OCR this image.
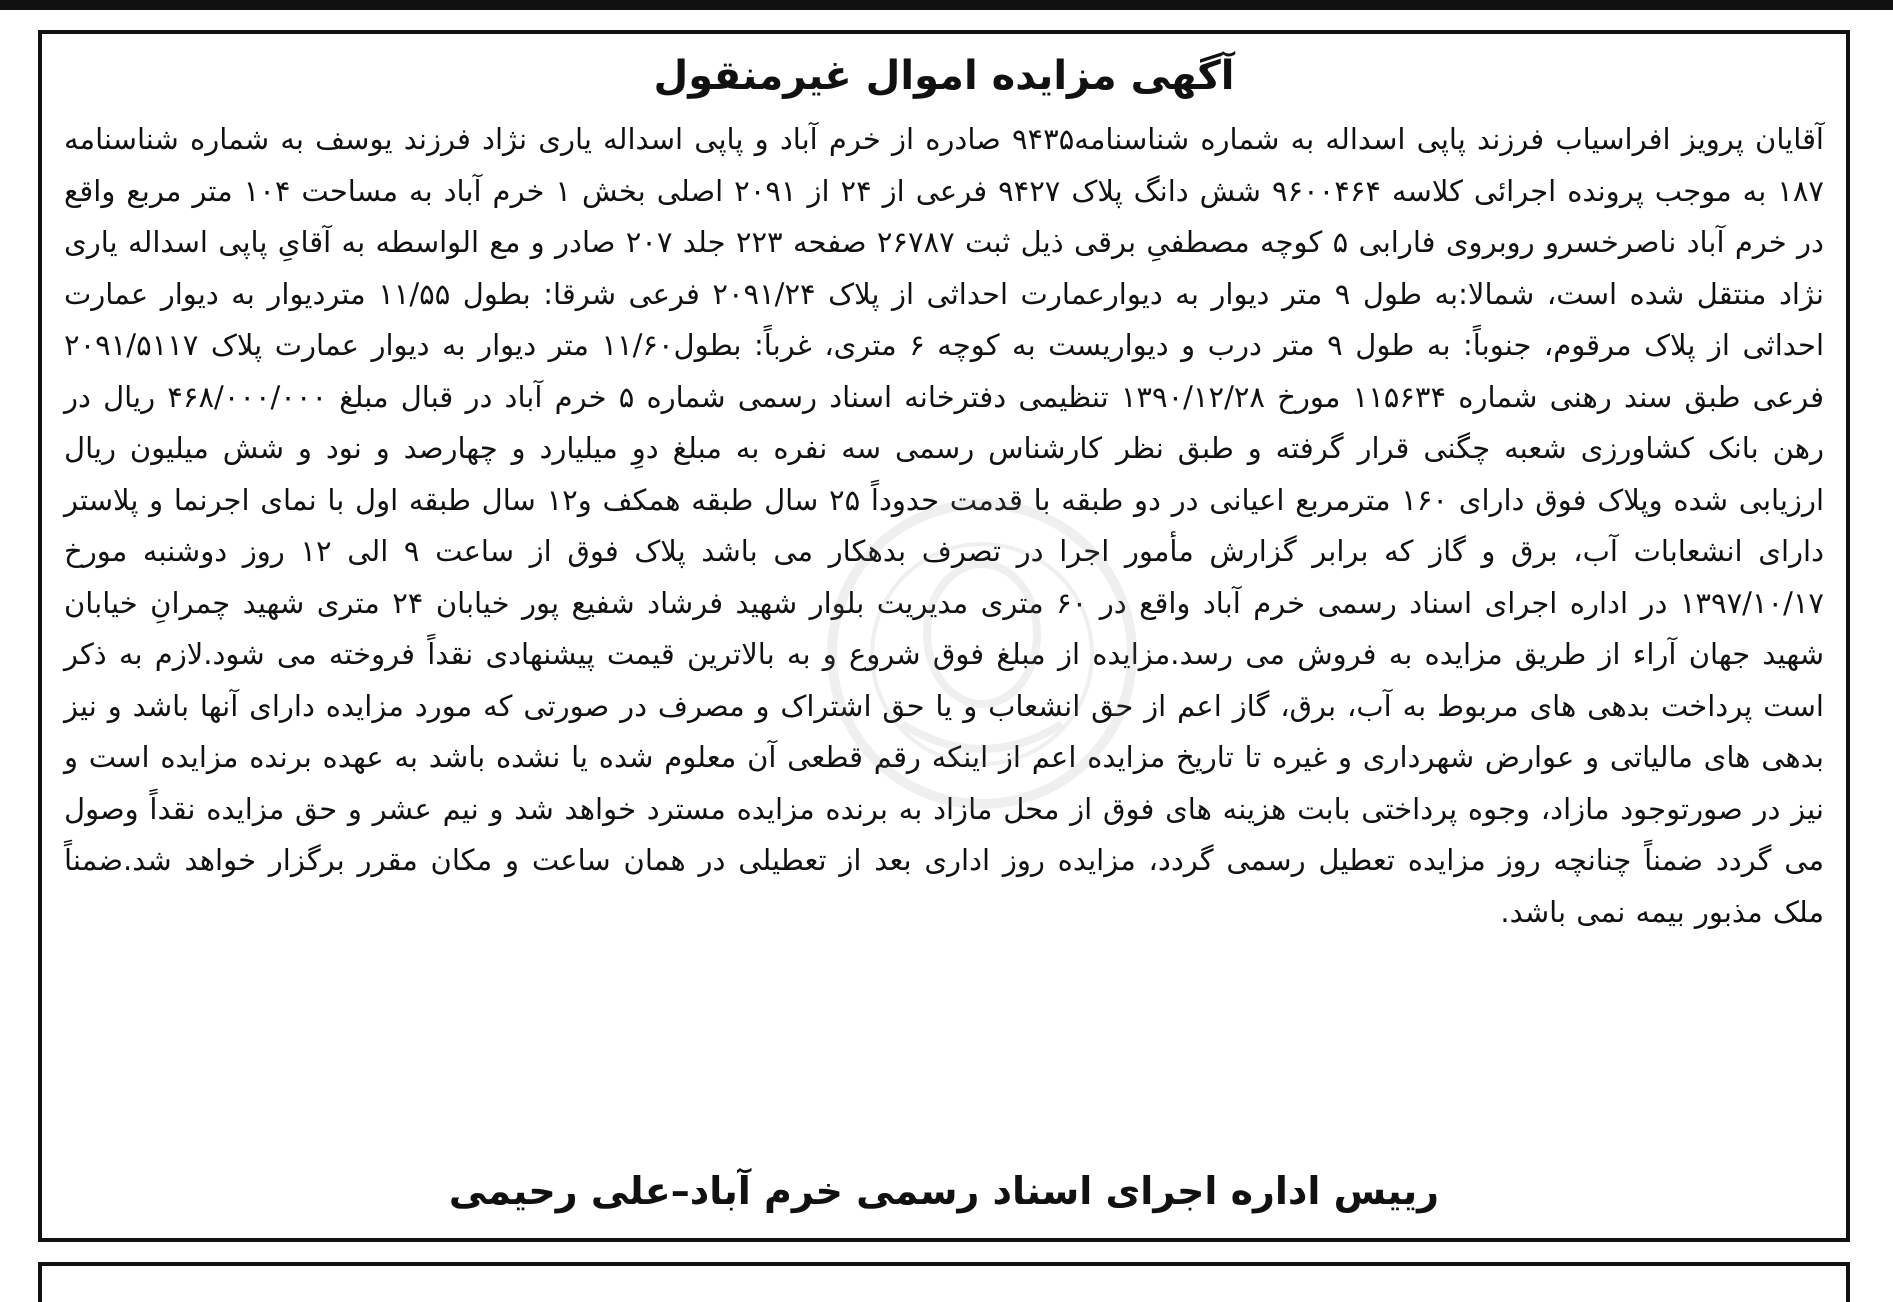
آگهی مزایده اموال غیرمنقول

آقایان پرویز افراسیاب فرزند پاپی اسداله به شماره شناسنامه۹۴۳۵ صادره از خرم آباد و پاپی اسداله یاری نژاد فرزند یوسف به شماره شناسنامه ۱۸۷ به موجب پرونده اجرائی کلاسه ۹۶۰۰۴۶۴ شش دانگ پلاک ۹۴۲۷ فرعی از ۲۴ از ۲۰۹۱ اصلی بخش ۱ خرم آباد به مساحت ۱۰۴ متر مربع واقع در خرم آباد ناصرخسرو روبروی فارابی ۵ کوچه مصطفیِ برقی ذیل ثبت ۲۶۷۸۷ صفحه ۲۲۳ جلد ۲۰۷ صادر و مع الواسطه به آقایِ پاپی اسداله یاری نژاد منتقل شده است، شمالا:به طول ۹ متر دیوار به دیوارعمارت احداثی از پلاک ۲۰۹۱/۲۴ فرعی شرقا: بطول ۱۱/۵۵ متردیوار به دیوار عمارت احداثی از پلاک مرقوم، جنوباً: به طول ۹ متر درب و دیواریست به کوچه ۶ متری، غرباً: بطول۱۱/۶۰ متر دیوار به دیوار عمارت پلاک ۲۰۹۱/۵۱۱۷ فرعی طبق سند رهنی شماره ۱۱۵۶۳۴ مورخ ۱۳۹۰/۱۲/۲۸ تنظیمی دفترخانه اسناد رسمی شماره ۵ خرم آباد در قبال مبلغ ۴۶۸/۰۰۰/۰۰۰ ریال در رهن بانک کشاورزی شعبه چگنی قرار گرفته و طبق نظر کارشناس رسمی سه نفره به مبلغ دوِ میلیارد و چهارصد و نود و شش میلیون ریال ارزیابی شده وپلاک فوق دارای ۱۶۰ مترمربع اعیانی در دو طبقه با قدمت حدوداً ۲۵ سال طبقه همکف و۱۲ سال طبقه اول با نمای اجرنما و پلاستر دارای انشعابات آب، برق و گاز که برابر گزارش مأمور اجرا در تصرف بدهکار می باشد پلاک فوق از ساعت ۹ الی ۱۲ روز دوشنبه مورخ ۱۳۹۷/۱۰/۱۷ در اداره اجرای اسناد رسمی خرم آباد واقع در ۶۰ متری مدیریت بلوار شهید فرشاد شفیع پور خیابان ۲۴ متری شهید چمرانِ خیابان شهید جهان آراء از طریق مزایده به فروش می رسد.مزایده از مبلغ فوق شروع و به بالاترین قیمت پیشنهادی نقداً فروخته می شود.لازم به ذکر است پرداخت بدهی های مربوط به آب، برق، گاز اعم از حق انشعاب و یا حق اشتراک و مصرف در صورتی که مورد مزایده دارای آنها باشد و نیز بدهی های مالیاتی و عوارض شهرداری و غیره تا تاریخ مزایده اعم از اینکه رقم قطعی آن معلوم شده یا نشده باشد به عهده برنده مزایده است و نیز در صورتوجود مازاد، وجوه پرداختی بابت هزینه های فوق از محل مازاد به برنده مزایده مسترد خواهد شد و نیم عشر و حق مزایده نقداً وصول می گردد ضمناً چنانچه روز مزایده تعطیل رسمی گردد، مزایده روز اداری بعد از تعطیلی در همان ساعت و مکان مقرر برگزار خواهد شد.ضمناً ملک مذبور بیمه نمی باشد.

رییس اداره اجرای اسناد رسمی خرم آباد–علی رحیمی
